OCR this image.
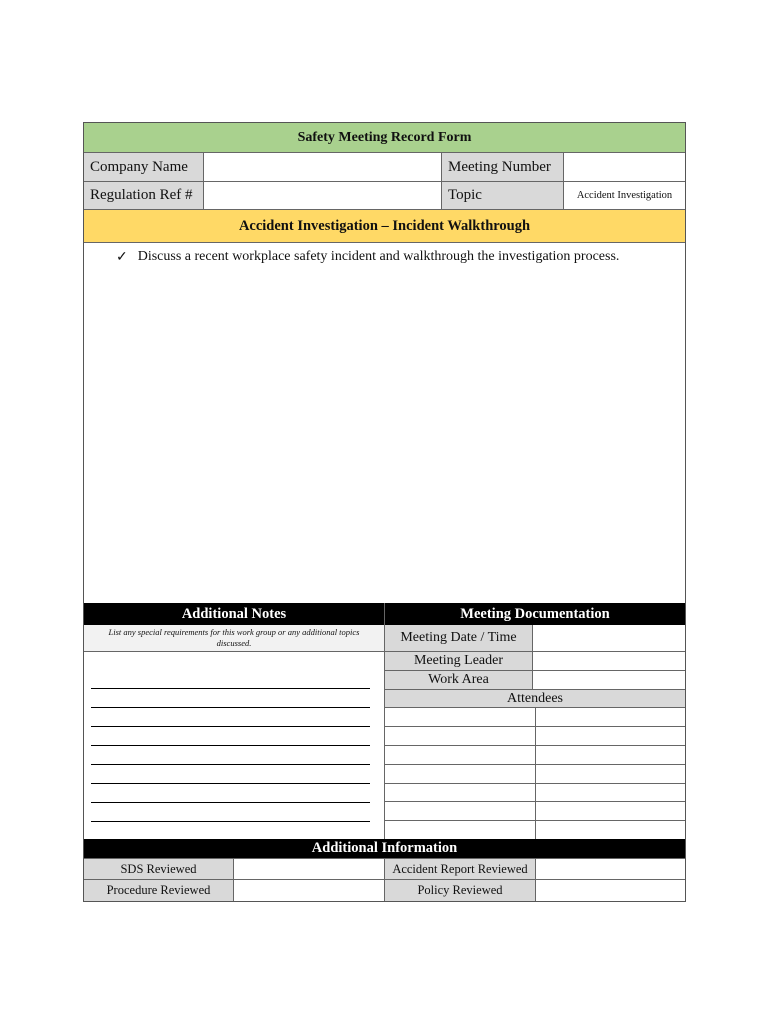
Safety Meeting Record Form
Company Name	Meeting Number
Regulation Ref #	Topic	Accident Investigation
Accident Investigation – Incident Walkthrough
✓ Discuss a recent workplace safety incident and walkthrough the investigation process.
Additional Notes
List any special requirements for this work group or any additional topics discussed.
Meeting Documentation
Meeting Date / Time
Meeting Leader
Work Area
Attendees
Additional Information
SDS Reviewed	Accident Report Reviewed
Procedure Reviewed	Policy Reviewed
